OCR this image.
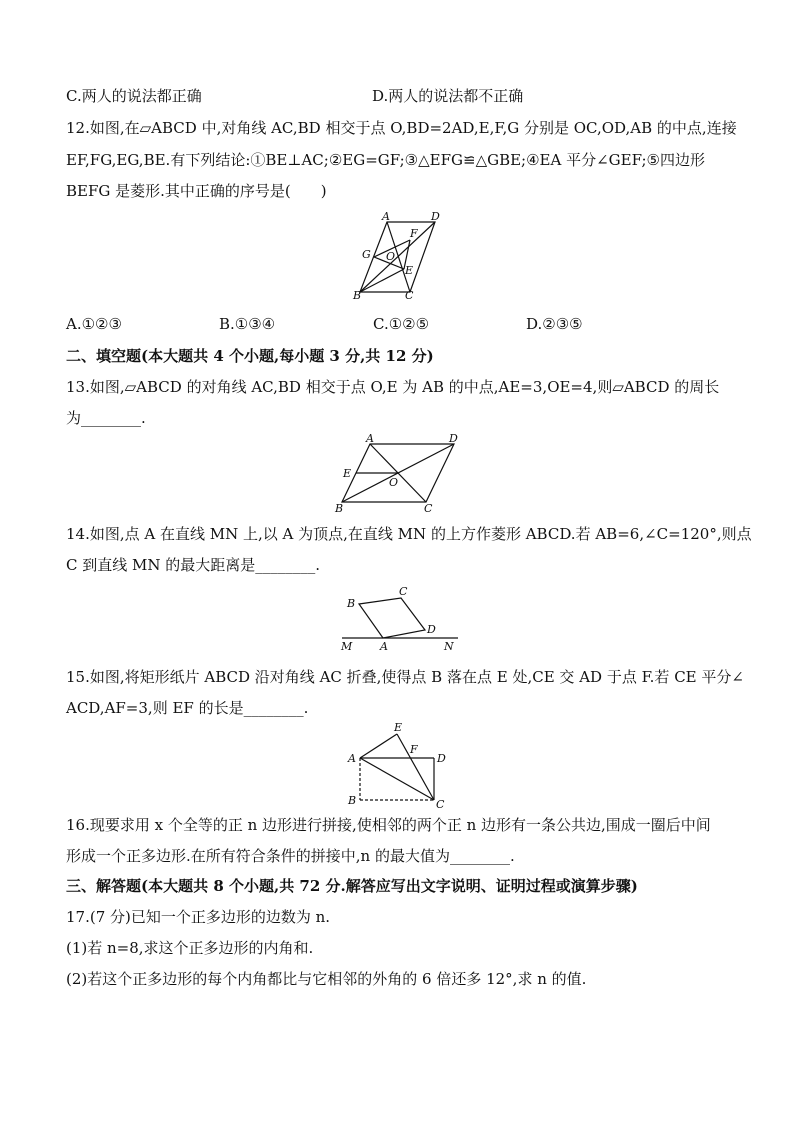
C.两人的说法都正确	D.两人的说法都不正确
12.如图,在▱ABCD 中,对角线 AC,BD 相交于点 O,BD=2AD,E,F,G 分别是 OC,OD,AB 的中点,连接
EF,FG,EG,BE.有下列结论:①BE⊥AC;②EG=GF;③△EFG≌△GBE;④EA 平分∠GEF;⑤四边形
BEFG 是菱形.其中正确的序号是(　　)
A	D
F
G O
E
B	C
A.①②③	B.①③④	C.①②⑤	D.②③⑤
二、填空题(本大题共 4 个小题,每小题 3 分,共 12 分)
13.如图,▱ABCD 的对角线 AC,BD 相交于点 O,E 为 AB 的中点,AE=3,OE=4,则▱ABCD 的周长
为________.
A	D
E
O
B	C
14.如图,点 A 在直线 MN 上,以 A 为顶点,在直线 MN 的上方作菱形 ABCD.若 AB=6,∠C=120°,则点
C 到直线 MN 的最大距离是________.
B
C
D
M	A	N
15.如图,将矩形纸片 ABCD 沿对角线 AC 折叠,使得点 B 落在点 E 处,CE 交 AD 于点 F.若 CE 平分∠
ACD,AF=3,则 EF 的长是________.
E
F
A	D
B	C
16.现要求用 x 个全等的正 n 边形进行拼接,使相邻的两个正 n 边形有一条公共边,围成一圈后中间
形成一个正多边形.在所有符合条件的拼接中,n 的最大值为________.
三、解答题(本大题共 8 个小题,共 72 分.解答应写出文字说明、证明过程或演算步骤)
17.(7 分)已知一个正多边形的边数为 n.
(1)若 n=8,求这个正多边形的内角和.
(2)若这个正多边形的每个内角都比与它相邻的外角的 6 倍还多 12°,求 n 的值.
